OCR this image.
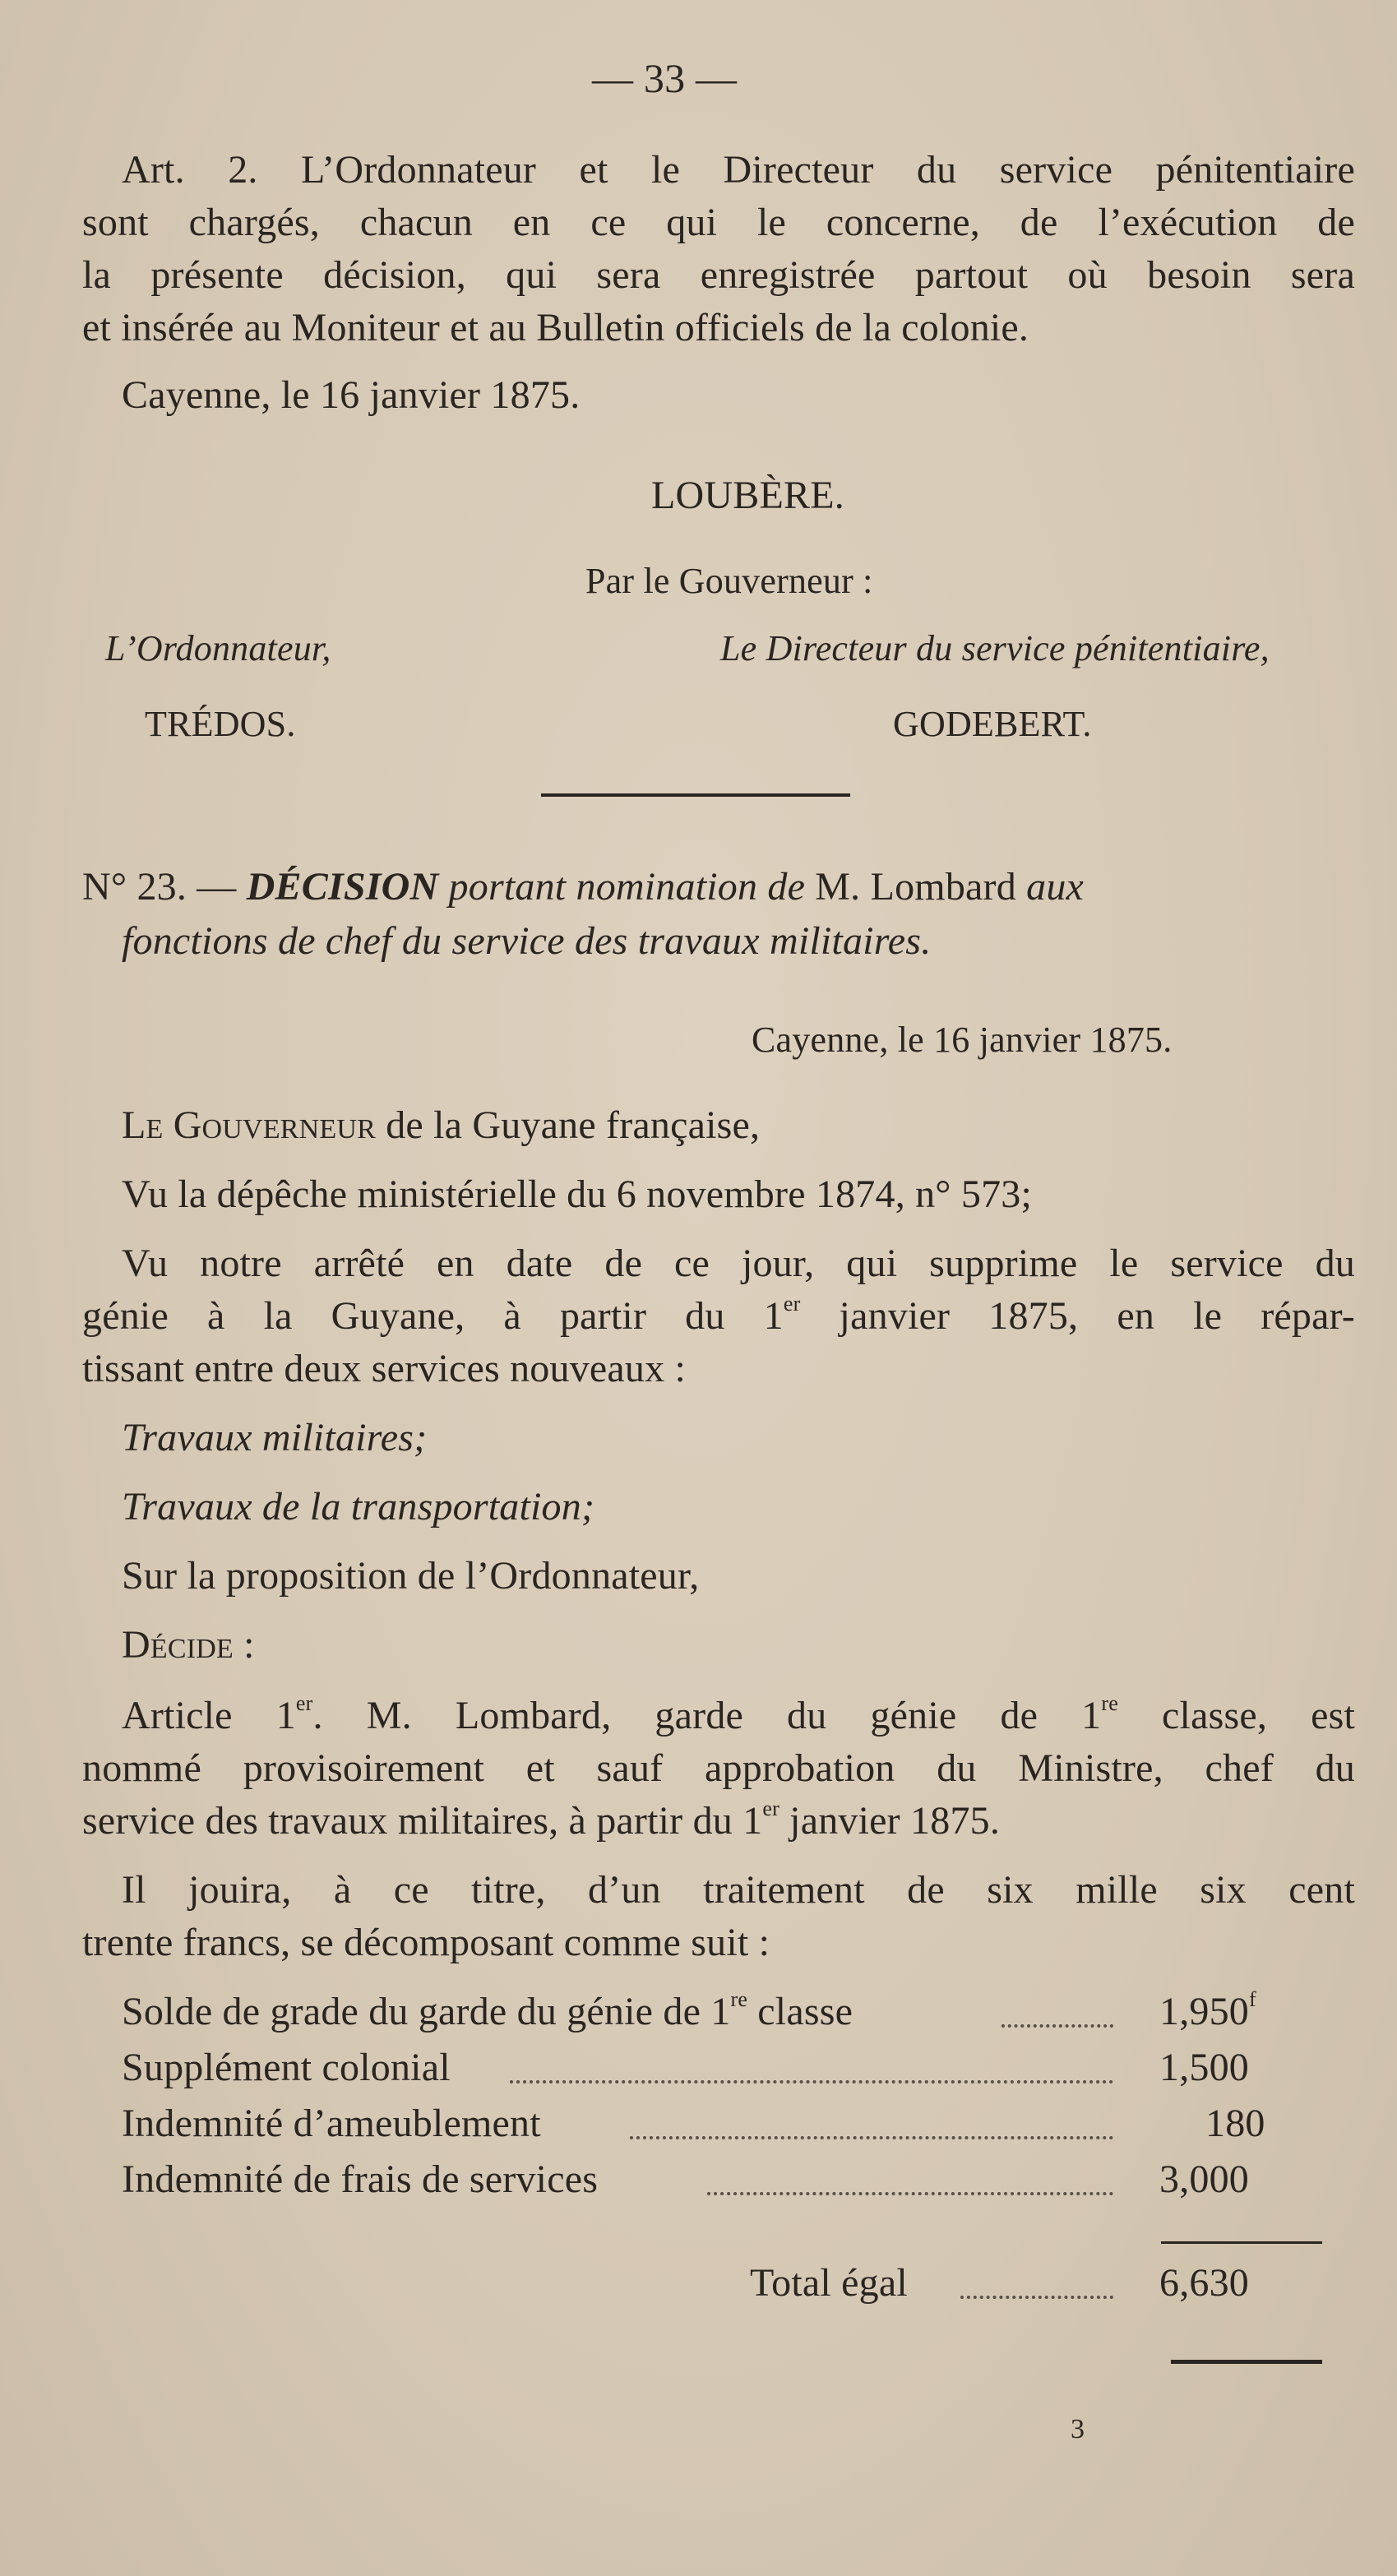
— 33 —
Art. 2. L’Ordonnateur et le Directeur du service pénitentiaire
sont chargés, chacun en ce qui le concerne, de l’exécution de
la présente décision, qui sera enregistrée partout où besoin sera
et insérée au Moniteur et au Bulletin officiels de la colonie.
Cayenne, le 16 janvier 1875.
LOUBÈRE.
Par le Gouverneur :
L’Ordonnateur,	Le Directeur du service pénitentiaire,
TRÉDOS.	GODEBERT.
N° 23. — DÉCISION portant nomination de M. Lombard aux
fonctions de chef du service des travaux militaires.
Cayenne, le 16 janvier 1875.
Le Gouverneur de la Guyane française,
Vu la dépêche ministérielle du 6 novembre 1874, n° 573;
Vu notre arrêté en date de ce jour, qui supprime le service du
génie à la Guyane, à partir du 1er janvier 1875, en le répar-
tissant entre deux services nouveaux :
Travaux militaires;
Travaux de la transportation;
Sur la proposition de l’Ordonnateur,
Décide :
Article 1er. M. Lombard, garde du génie de 1re classe, est
nommé provisoirement et sauf approbation du Ministre, chef du
service des travaux militaires, à partir du 1er janvier 1875.
Il jouira, à ce titre, d’un traitement de six mille six cent
trente francs, se décomposant comme suit :
Solde de grade du garde du génie de 1re classe	1,950$^f$
Supplément colonial	1,500
Indemnité d’ameublement	180
Indemnité de frais de services	3,000
Total égal	6,630
3
